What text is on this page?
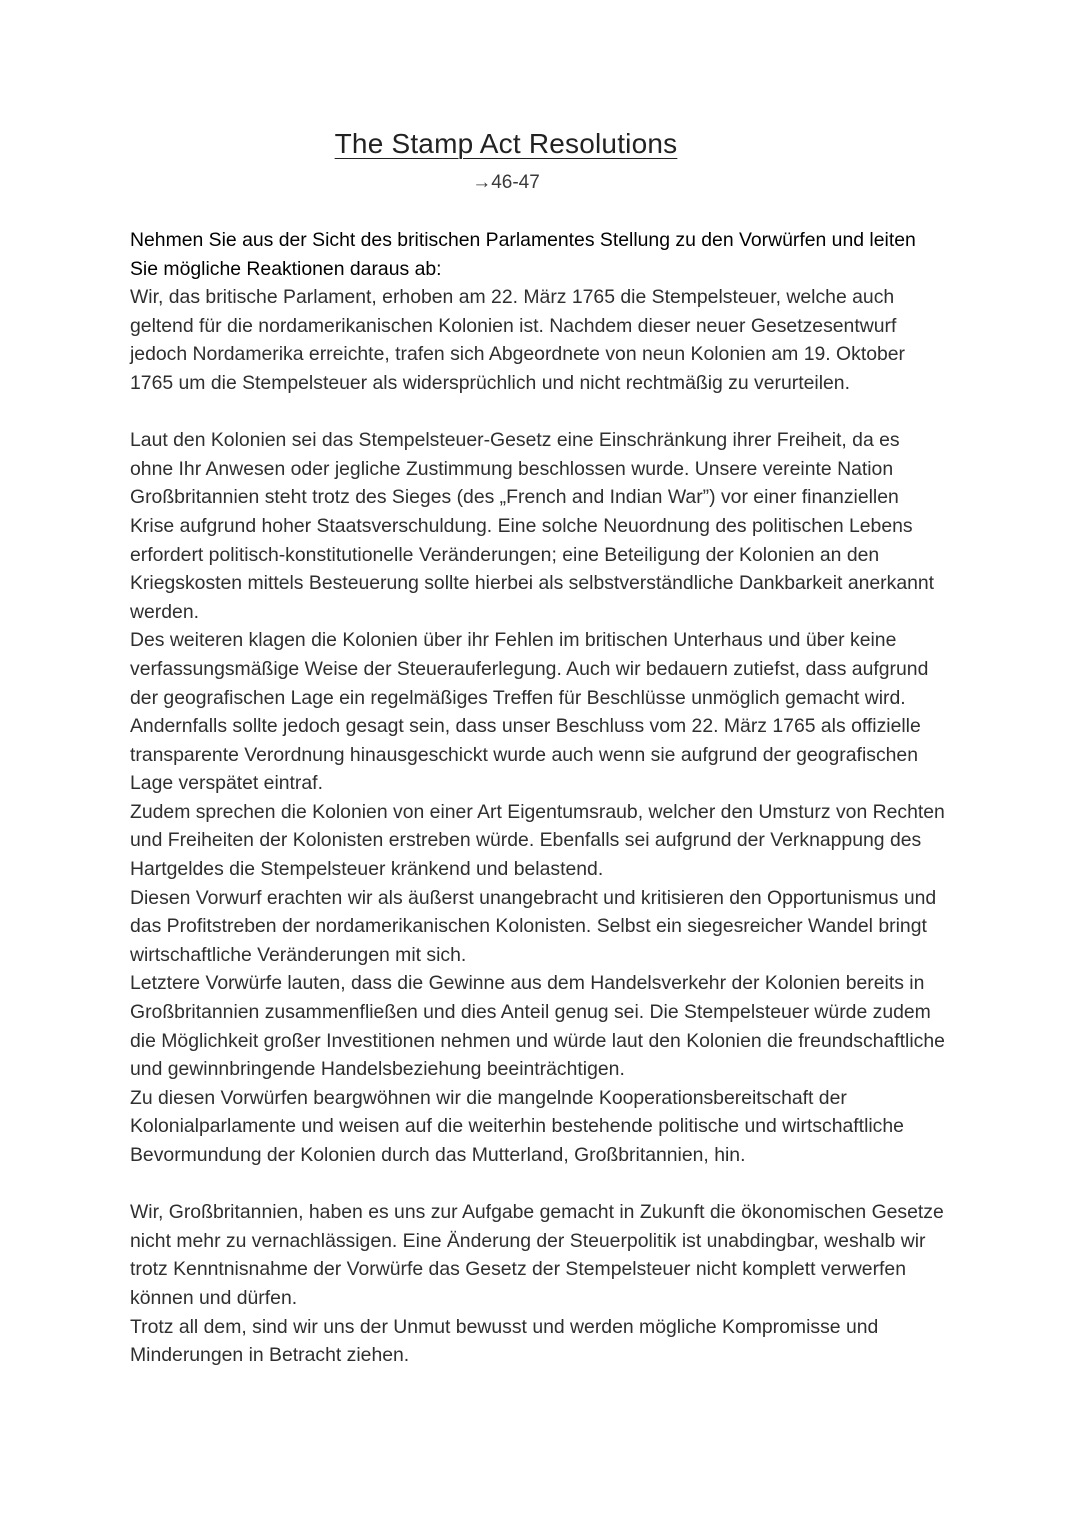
The Stamp Act Resolutions
→46-47

Nehmen Sie aus der Sicht des britischen Parlamentes Stellung zu den Vorwürfen und leiten Sie mögliche Reaktionen daraus ab:

Wir, das britische Parlament, erhoben am 22. März 1765 die Stempelsteuer, welche auch geltend für die nordamerikanischen Kolonien ist. Nachdem dieser neuer Gesetzesentwurf jedoch Nordamerika erreichte, trafen sich Abgeordnete von neun Kolonien am 19. Oktober 1765 um die Stempelsteuer als widersprüchlich und nicht rechtmäßig zu verurteilen.

Laut den Kolonien sei das Stempelsteuer-Gesetz eine Einschränkung ihrer Freiheit, da es ohne Ihr Anwesen oder jegliche Zustimmung beschlossen wurde. Unsere vereinte Nation Großbritannien steht trotz des Sieges (des „French and Indian War”) vor einer finanziellen Krise aufgrund hoher Staatsverschuldung. Eine solche Neuordnung des politischen Lebens erfordert politisch-konstitutionelle Veränderungen; eine Beteiligung der Kolonien an den Kriegskosten mittels Besteuerung sollte hierbei als selbstverständliche Dankbarkeit anerkannt werden.

Des weiteren klagen die Kolonien über ihr Fehlen im britischen Unterhaus und über keine verfassungsmäßige Weise der Steuerauferlegung. Auch wir bedauern zutiefst, dass aufgrund der geografischen Lage ein regelmäßiges Treffen für Beschlüsse unmöglich gemacht wird. Andernfalls sollte jedoch gesagt sein, dass unser Beschluss vom 22. März 1765 als offizielle transparente Verordnung hinausgeschickt wurde auch wenn sie aufgrund der geografischen Lage verspätet eintraf.

Zudem sprechen die Kolonien von einer Art Eigentumsraub, welcher den Umsturz von Rechten und Freiheiten der Kolonisten erstreben würde. Ebenfalls sei aufgrund der Verknappung des Hartgeldes die Stempelsteuer kränkend und belastend.

Diesen Vorwurf erachten wir als äußerst unangebracht und kritisieren den Opportunismus und das Profitstreben der nordamerikanischen Kolonisten. Selbst ein siegesreicher Wandel bringt wirtschaftliche Veränderungen mit sich.

Letztere Vorwürfe lauten, dass die Gewinne aus dem Handelsverkehr der Kolonien bereits in Großbritannien zusammenfließen und dies Anteil genug sei. Die Stempelsteuer würde zudem die Möglichkeit großer Investitionen nehmen und würde laut den Kolonien die freundschaftliche und gewinnbringende Handelsbeziehung beeinträchtigen.

Zu diesen Vorwürfen beargwöhnen wir die mangelnde Kooperationsbereitschaft der Kolonialparlamente und weisen auf die weiterhin bestehende politische und wirtschaftliche Bevormundung der Kolonien durch das Mutterland, Großbritannien, hin.

Wir, Großbritannien, haben es uns zur Aufgabe gemacht in Zukunft die ökonomischen Gesetze nicht mehr zu vernachlässigen. Eine Änderung der Steuerpolitik ist unabdingbar, weshalb wir trotz Kenntnisnahme der Vorwürfe das Gesetz der Stempelsteuer nicht komplett verwerfen können und dürfen.

Trotz all dem, sind wir uns der Unmut bewusst und werden mögliche Kompromisse und Minderungen in Betracht ziehen.
